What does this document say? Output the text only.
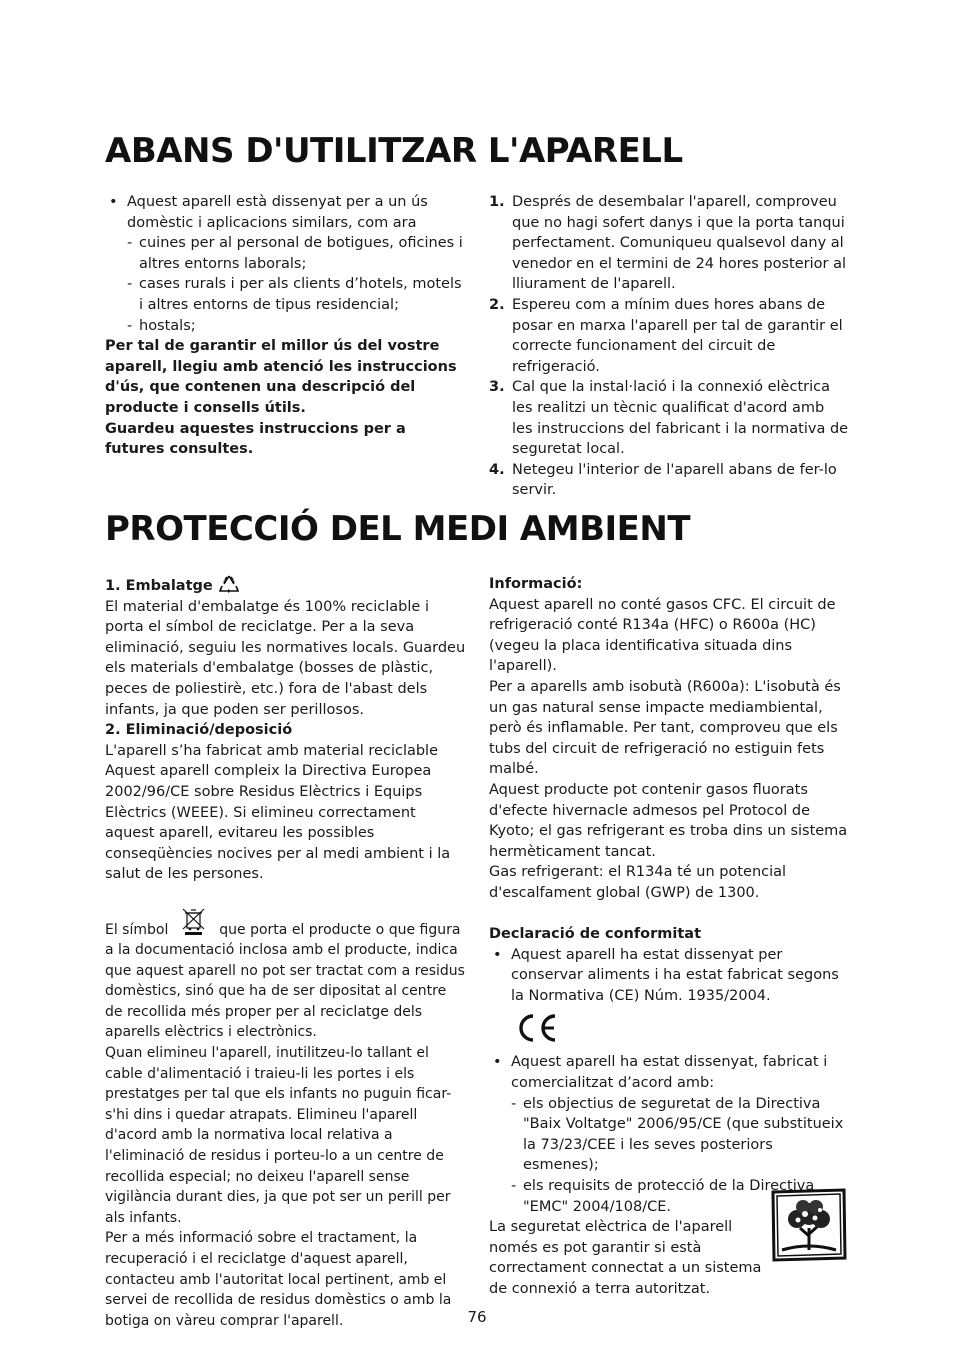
ABANS D'UTILITZAR L'APARELL
• Aquest aparell està dissenyat per a un ús domèstic i aplicacions similars, com ara
- cuines per al personal de botigues, oficines i altres entorns laborals;
- cases rurals i per als clients d’hotels, motels i altres entorns de tipus residencial;
- hostals;

Per tal de garantir el millor ús del vostre aparell, llegiu amb atenció les instruccions d'ús, que contenen una descripció del producte i consells útils.

Guardeu aquestes instruccions per a futures consultes.

1. Després de desembalar l'aparell, comproveu que no hagi sofert danys i que la porta tanqui perfectament. Comuniqueu qualsevol dany al venedor en el termini de 24 hores posterior al lliurament de l'aparell.
2. Espereu com a mínim dues hores abans de posar en marxa l'aparell per tal de garantir el correcte funcionament del circuit de refrigeració.
3. Cal que la instal·lació i la connexió elèctrica les realitzi un tècnic qualificat d'acord amb les instruccions del fabricant i la normativa de seguretat local.
4. Netegeu l'interior de l'aparell abans de fer-lo servir.
PROTECCIÓ DEL MEDI AMBIENT

1. Embalatge

El material d'embalatge és 100% reciclable i porta el símbol de reciclatge. Per a la seva eliminació, seguiu les normatives locals. Guardeu els materials d'embalatge (bosses de plàstic, peces de poliestirè, etc.) fora de l'abast dels infants, ja que poden ser perillosos.

2. Eliminació/deposició

L'aparell s’ha fabricat amb material reciclable

Aquest aparell compleix la Directiva Europea 2002/96/CE sobre Residus Elèctrics i Equips Elèctrics (WEEE). Si elimineu correctament aquest aparell, evitareu les possibles conseqüències nocives per al medi ambient i la salut de les persones.

El símbol	que porta el producte o que figura a la documentació inclosa amb el producte, indica que aquest aparell no pot ser tractat com a residus domèstics, sinó que ha de ser dipositat al centre de recollida més proper per al reciclatge dels aparells elèctrics i electrònics.

Quan elimineu l'aparell, inutilitzeu-lo tallant el cable d'alimentació i traieu-li les portes i els prestatges per tal que els infants no puguin ficar-s'hi dins i quedar atrapats. Elimineu l'aparell d'acord amb la normativa local relativa a l'eliminació de residus i porteu-lo a un centre de recollida especial; no deixeu l'aparell sense vigilància durant dies, ja que pot ser un perill per als infants.

Per a més informació sobre el tractament, la recuperació i el reciclatge d'aquest aparell, contacteu amb l'autoritat local pertinent, amb el servei de recollida de residus domèstics o amb la botiga on vàreu comprar l'aparell.

Informació:

Aquest aparell no conté gasos CFC. El circuit de refrigeració conté R134a (HFC) o R600a (HC) (vegeu la placa identificativa situada dins l'aparell).

Per a aparells amb isobutà (R600a): L'isobutà és un gas natural sense impacte mediambiental, però és inflamable. Per tant, comproveu que els tubs del circuit de refrigeració no estiguin fets malbé.

Aquest producte pot contenir gasos fluorats d'efecte hivernacle admesos pel Protocol de Kyoto; el gas refrigerant es troba dins un sistema hermèticament tancat.

Gas refrigerant: el R134a té un potencial d'escalfament global (GWP) de 1300.

Declaració de conformitat

• Aquest aparell ha estat dissenyat per conservar aliments i ha estat fabricat segons la Normativa (CE) Núm. 1935/2004.
• Aquest aparell ha estat dissenyat, fabricat i comercialitzat d’acord amb:
- els objectius de seguretat de la Directiva "Baix Voltatge" 2006/95/CE (que substitueix la 73/23/CEE i les seves posteriors esmenes);
- els requisits de protecció de la Directiva "EMC" 2004/108/CE.

La seguretat elèctrica de l'aparell només es pot garantir si està correctament connectat a un sistema de connexió a terra autoritzat.

76
